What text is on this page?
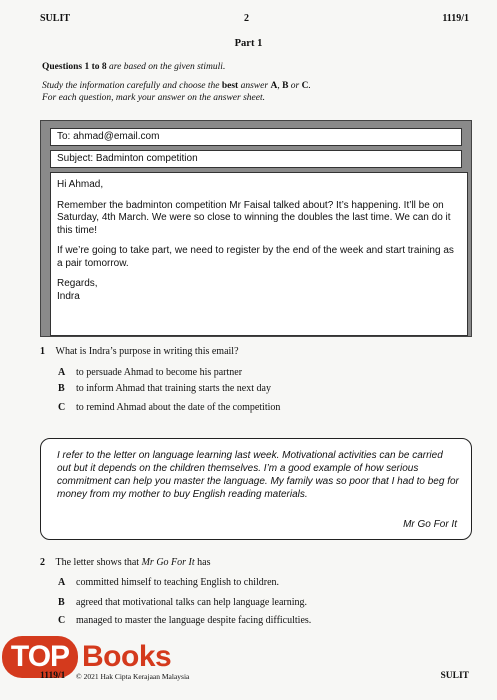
SULIT	2	1119/1
Part 1
Questions 1 to 8 are based on the given stimuli.
Study the information carefully and choose the best answer A, B or C.
For each question, mark your answer on the answer sheet.
To: ahmad@email.com
Subject: Badminton competition

Hi Ahmad,

Remember the badminton competition Mr Faisal talked about? It’s happening. It’ll be on Saturday, 4th March. We were so close to winning the doubles the last time. We can do it this time!

If we’re going to take part, we need to register by the end of the week and start training as a pair tomorrow.

Regards,
Indra
1 What is Indra’s purpose in writing this email?
A to persuade Ahmad to become his partner
B to inform Ahmad that training starts the next day
C to remind Ahmad about the date of the competition
I refer to the letter on language learning last week. Motivational activities can be carried out but it depends on the children themselves. I’m a good example of how serious commitment can help you master the language. My family was so poor that I had to beg for money from my mother to buy English reading materials.
Mr Go For It
2 The letter shows that Mr Go For It has
A committed himself to teaching English to children.
B agreed that motivational talks can help language learning.
C managed to master the language despite facing difficulties.
TOP Books
1119/1 © 2021 Hak Cipta Kerajaan Malaysia	SULIT
